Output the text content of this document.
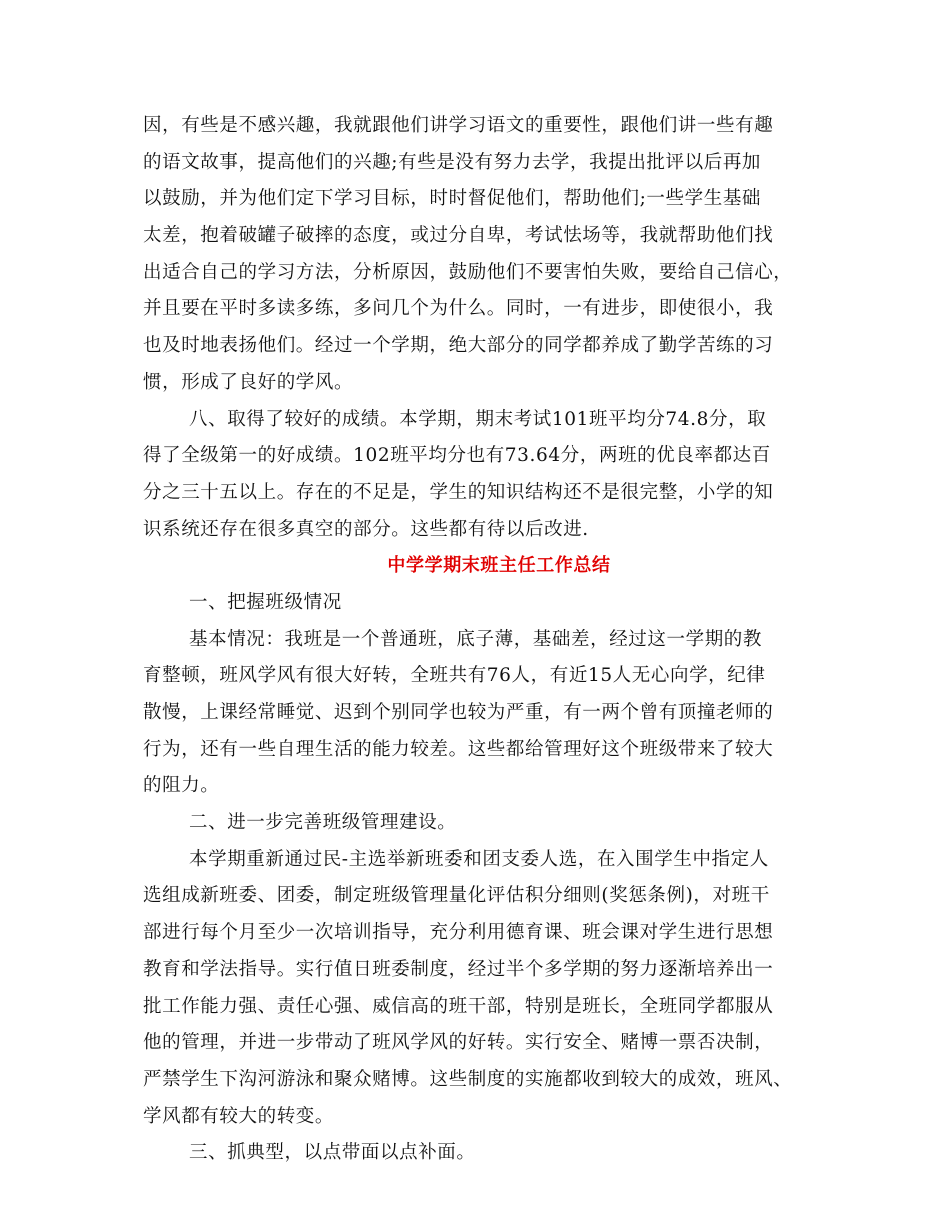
因，有些是不感兴趣，我就跟他们讲学习语文的重要性，跟他们讲一些有趣
的语文故事，提高他们的兴趣;有些是没有努力去学，我提出批评以后再加
以鼓励，并为他们定下学习目标，时时督促他们，帮助他们;一些学生基础
太差，抱着破罐子破摔的态度，或过分自卑，考试怯场等，我就帮助他们找
出适合自己的学习方法，分析原因，鼓励他们不要害怕失败，要给自己信心，
并且要在平时多读多练，多问几个为什么。同时，一有进步，即使很小，我
也及时地表扬他们。经过一个学期，绝大部分的同学都养成了勤学苦练的习
惯，形成了良好的学风。
八、取得了较好的成绩。本学期，期末考试101班平均分74.8分，取
得了全级第一的好成绩。102班平均分也有73.64分，两班的优良率都达百
分之三十五以上。存在的不足是，学生的知识结构还不是很完整，小学的知
识系统还存在很多真空的部分。这些都有待以后改进.
中学学期末班主任工作总结
一、把握班级情况
基本情况：我班是一个普通班，底子薄，基础差，经过这一学期的教
育整顿，班风学风有很大好转，全班共有76人，有近15人无心向学，纪律
散慢，上课经常睡觉、迟到个别同学也较为严重，有一两个曾有顶撞老师的
行为，还有一些自理生活的能力较差。这些都给管理好这个班级带来了较大
的阻力。
二、进一步完善班级管理建设。
本学期重新通过民-主选举新班委和团支委人选，在入围学生中指定人
选组成新班委、团委，制定班级管理量化评估积分细则(奖惩条例)，对班干
部进行每个月至少一次培训指导，充分利用德育课、班会课对学生进行思想
教育和学法指导。实行值日班委制度，经过半个多学期的努力逐渐培养出一
批工作能力强、责任心强、威信高的班干部，特别是班长，全班同学都服从
他的管理，并进一步带动了班风学风的好转。实行安全、赌博一票否决制，
严禁学生下沟河游泳和聚众赌博。这些制度的实施都收到较大的成效，班风、
学风都有较大的转变。
三、抓典型，以点带面以点补面。
